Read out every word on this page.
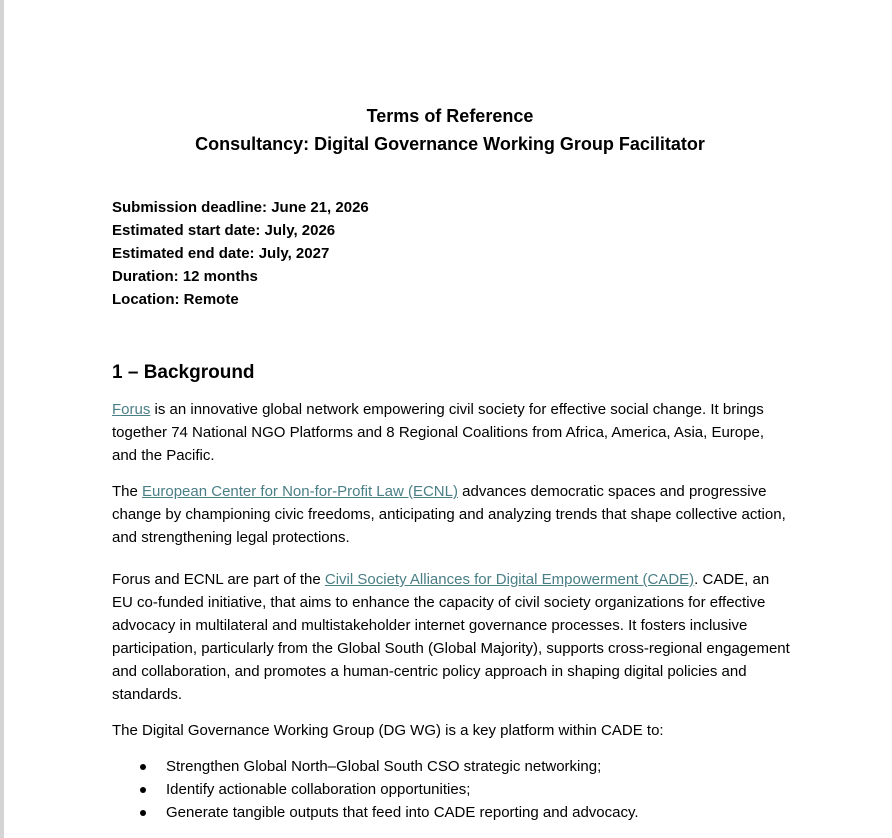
Terms of Reference
Consultancy: Digital Governance Working Group Facilitator
Submission deadline: June 21, 2026
Estimated start date: July, 2026
Estimated end date: July, 2027
Duration: 12 months
Location: Remote
1 – Background
Forus is an innovative global network empowering civil society for effective social change. It brings together 74 National NGO Platforms and 8 Regional Coalitions from Africa, America, Asia, Europe, and the Pacific.
The European Center for Non-for-Profit Law (ECNL) advances democratic spaces and progressive change by championing civic freedoms, anticipating and analyzing trends that shape collective action, and strengthening legal protections.
Forus and ECNL are part of the Civil Society Alliances for Digital Empowerment (CADE). CADE, an EU co-funded initiative, that aims to enhance the capacity of civil society organizations for effective advocacy in multilateral and multistakeholder internet governance processes. It fosters inclusive participation, particularly from the Global South (Global Majority), supports cross-regional engagement and collaboration, and promotes a human-centric policy approach in shaping digital policies and standards.
The Digital Governance Working Group (DG WG) is a key platform within CADE to:
Strengthen Global North–Global South CSO strategic networking;
Identify actionable collaboration opportunities;
Generate tangible outputs that feed into CADE reporting and advocacy.
